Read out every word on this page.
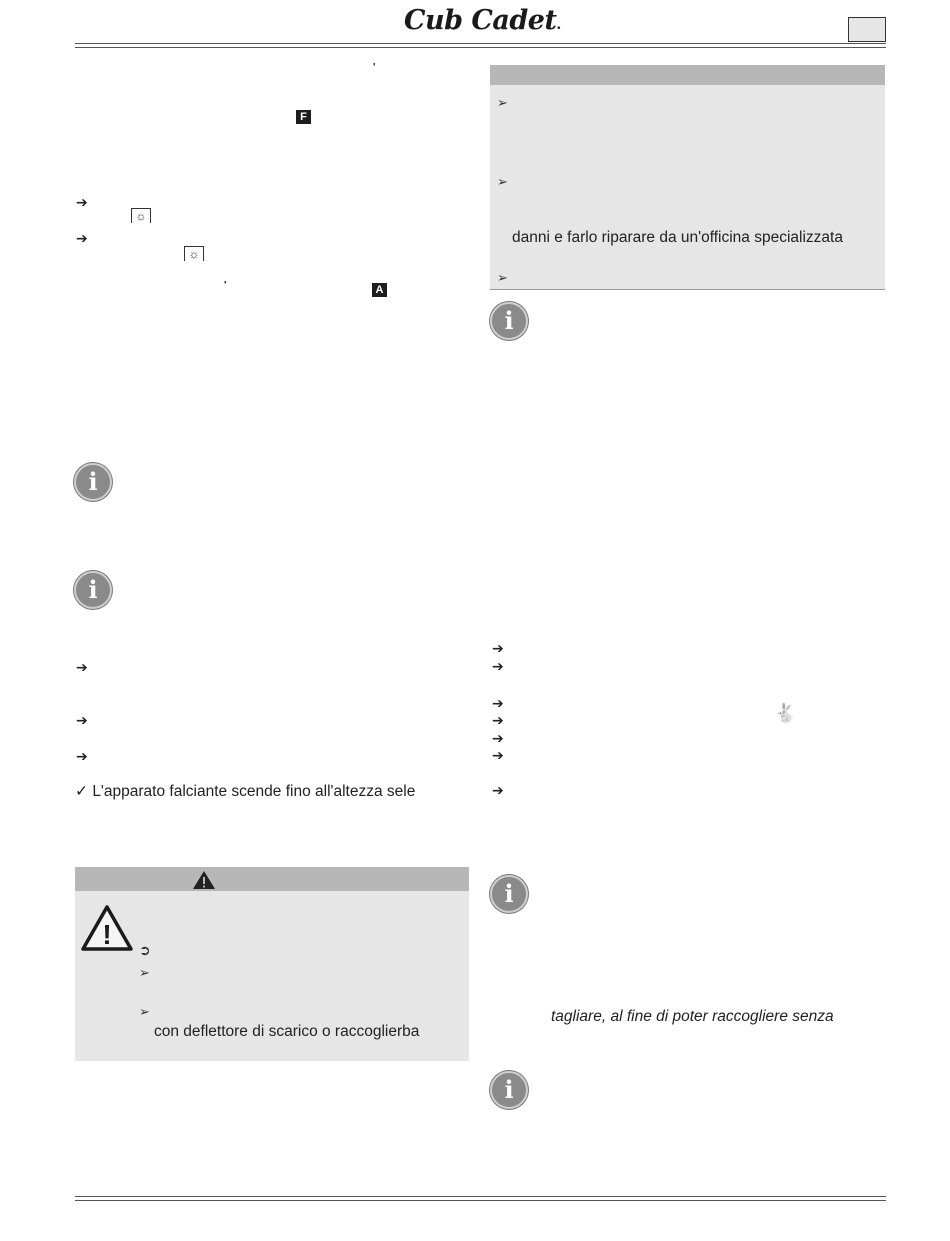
Cub Cadet.
'
F
➔
☼
➔
☼
'	A
i
i
➔
➔
➔
✓ L'apparato falciante scende fino all'altezza sele
! ➲
➢
➢
con deflettore di scarico o raccoglierba
➢
➢
danni e farlo riparare da un'officina specializzata
➢
i
➔
➔
➔
➔	🐇
➔
➔
➔
i
tagliare, al fine di poter raccogliere senza
i
